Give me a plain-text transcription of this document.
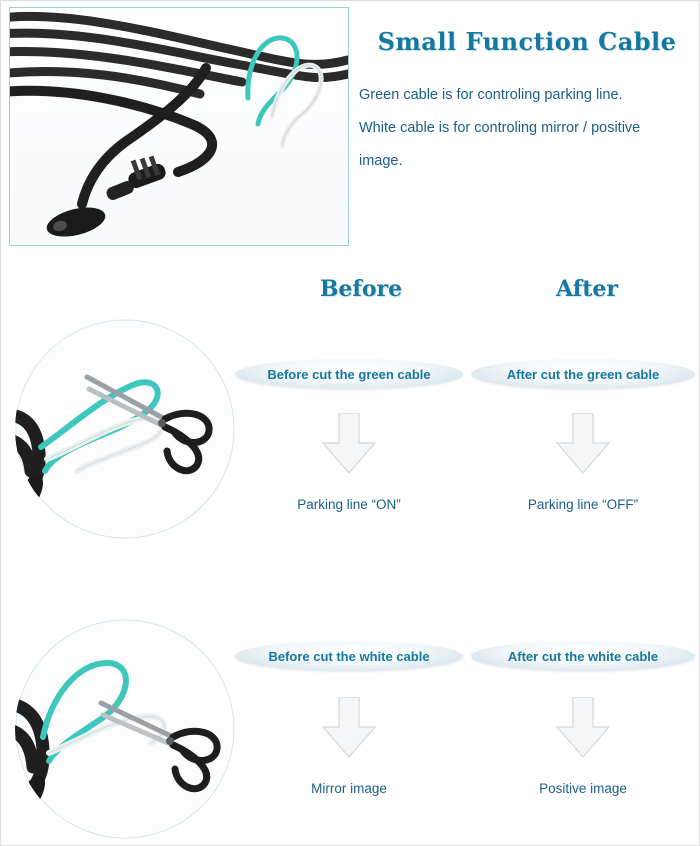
Small Function Cable
Green cable is for controling parking line.
White cable is for controling mirror / positive
image.
Before	After
Before cut the green cable	After cut the green cable
Parking line “ON”	Parking line “OFF”
Before cut the white cable	After cut the white cable
Mirror image	Positive image
